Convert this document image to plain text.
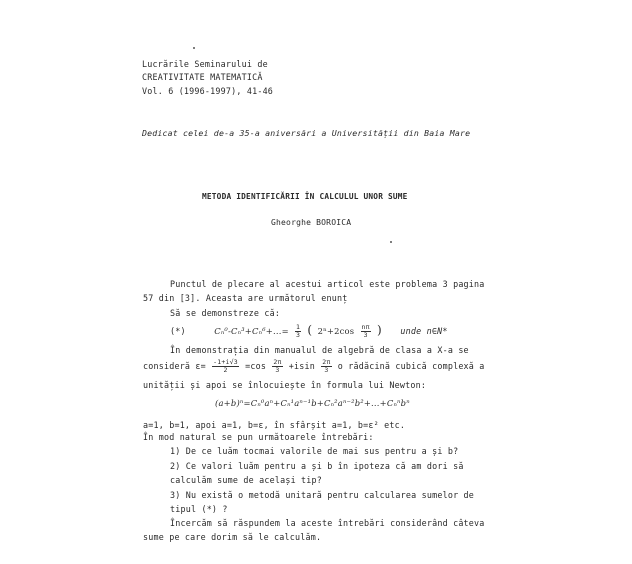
Lucrările Seminarului de
CREATIVITATE MATEMATICĂ
Vol. 6 (1996-1997), 41-46
Dedicat celei de-a 35-a aniversări a Universității din Baia Mare
METODA IDENTIFICĂRII ÎN CALCULUL UNOR SUME
Gheorghe BOROICA
Punctul de plecare al acestui articol este problema 3 pagina
57 din [3]. Aceasta are următorul enunț
Să se demonstreze că:
(*)	$C_n^0-C_n^3+C_n^6+...= \frac{1}{3}$ ( $2^n+2\cos \frac{n\pi}{3}$ ) unde n∈N*
În demonstrația din manualul de algebră de clasa a X-a se
consideră $\varepsilon= \frac{-1+i√3}{2} =\cos \frac{2\pi}{3} +isin \frac{2\pi}{3}$ o rădăcină cubică complexă a
unității și apoi se înlocuiește în formula lui Newton:
(a+b)ⁿ=Cₙ⁰aⁿ+Cₙ¹aⁿ⁻¹b+Cₙ²aⁿ⁻²b²+...+Cₙⁿbⁿ
a=1, b=1, apoi a=1, b=ε, în sfârșit a=1, b=ε² etc.
În mod natural se pun următoarele întrebări:
1) De ce luăm tocmai valorile de mai sus pentru a și b?
2) Ce valori luăm pentru a și b în ipoteza că am dori să
calculăm sume de același tip?
3) Nu există o metodă unitară pentru calcularea sumelor de
tipul (*) ?
Încercăm să răspundem la aceste întrebări considerând câteva
sume pe care dorim să le calculăm.
